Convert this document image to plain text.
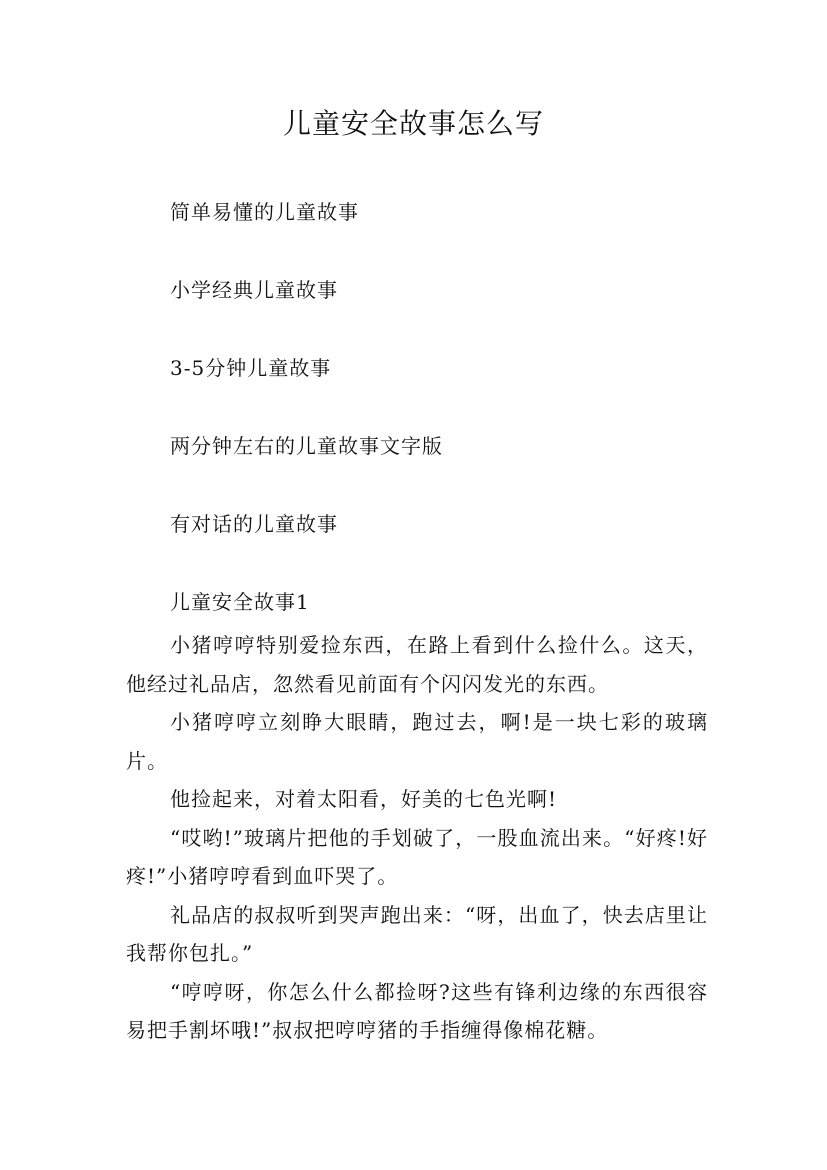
儿童安全故事怎么写
简单易懂的儿童故事
小学经典儿童故事
3-5分钟儿童故事
两分钟左右的儿童故事文字版
有对话的儿童故事
儿童安全故事1

小猪哼哼特别爱捡东西，在路上看到什么捡什么。这天，他经过礼品店，忽然看见前面有个闪闪发光的东西。

小猪哼哼立刻睁大眼睛，跑过去，啊!是一块七彩的玻璃片。

他捡起来，对着太阳看，好美的七色光啊!

“哎哟!”玻璃片把他的手划破了，一股血流出来。“好疼!好疼!”小猪哼哼看到血吓哭了。

礼品店的叔叔听到哭声跑出来：“呀，出血了，快去店里让我帮你包扎。”

“哼哼呀，你怎么什么都捡呀?这些有锋利边缘的东西很容易把手割坏哦!”叔叔把哼哼猪的手指缠得像棉花糖。
